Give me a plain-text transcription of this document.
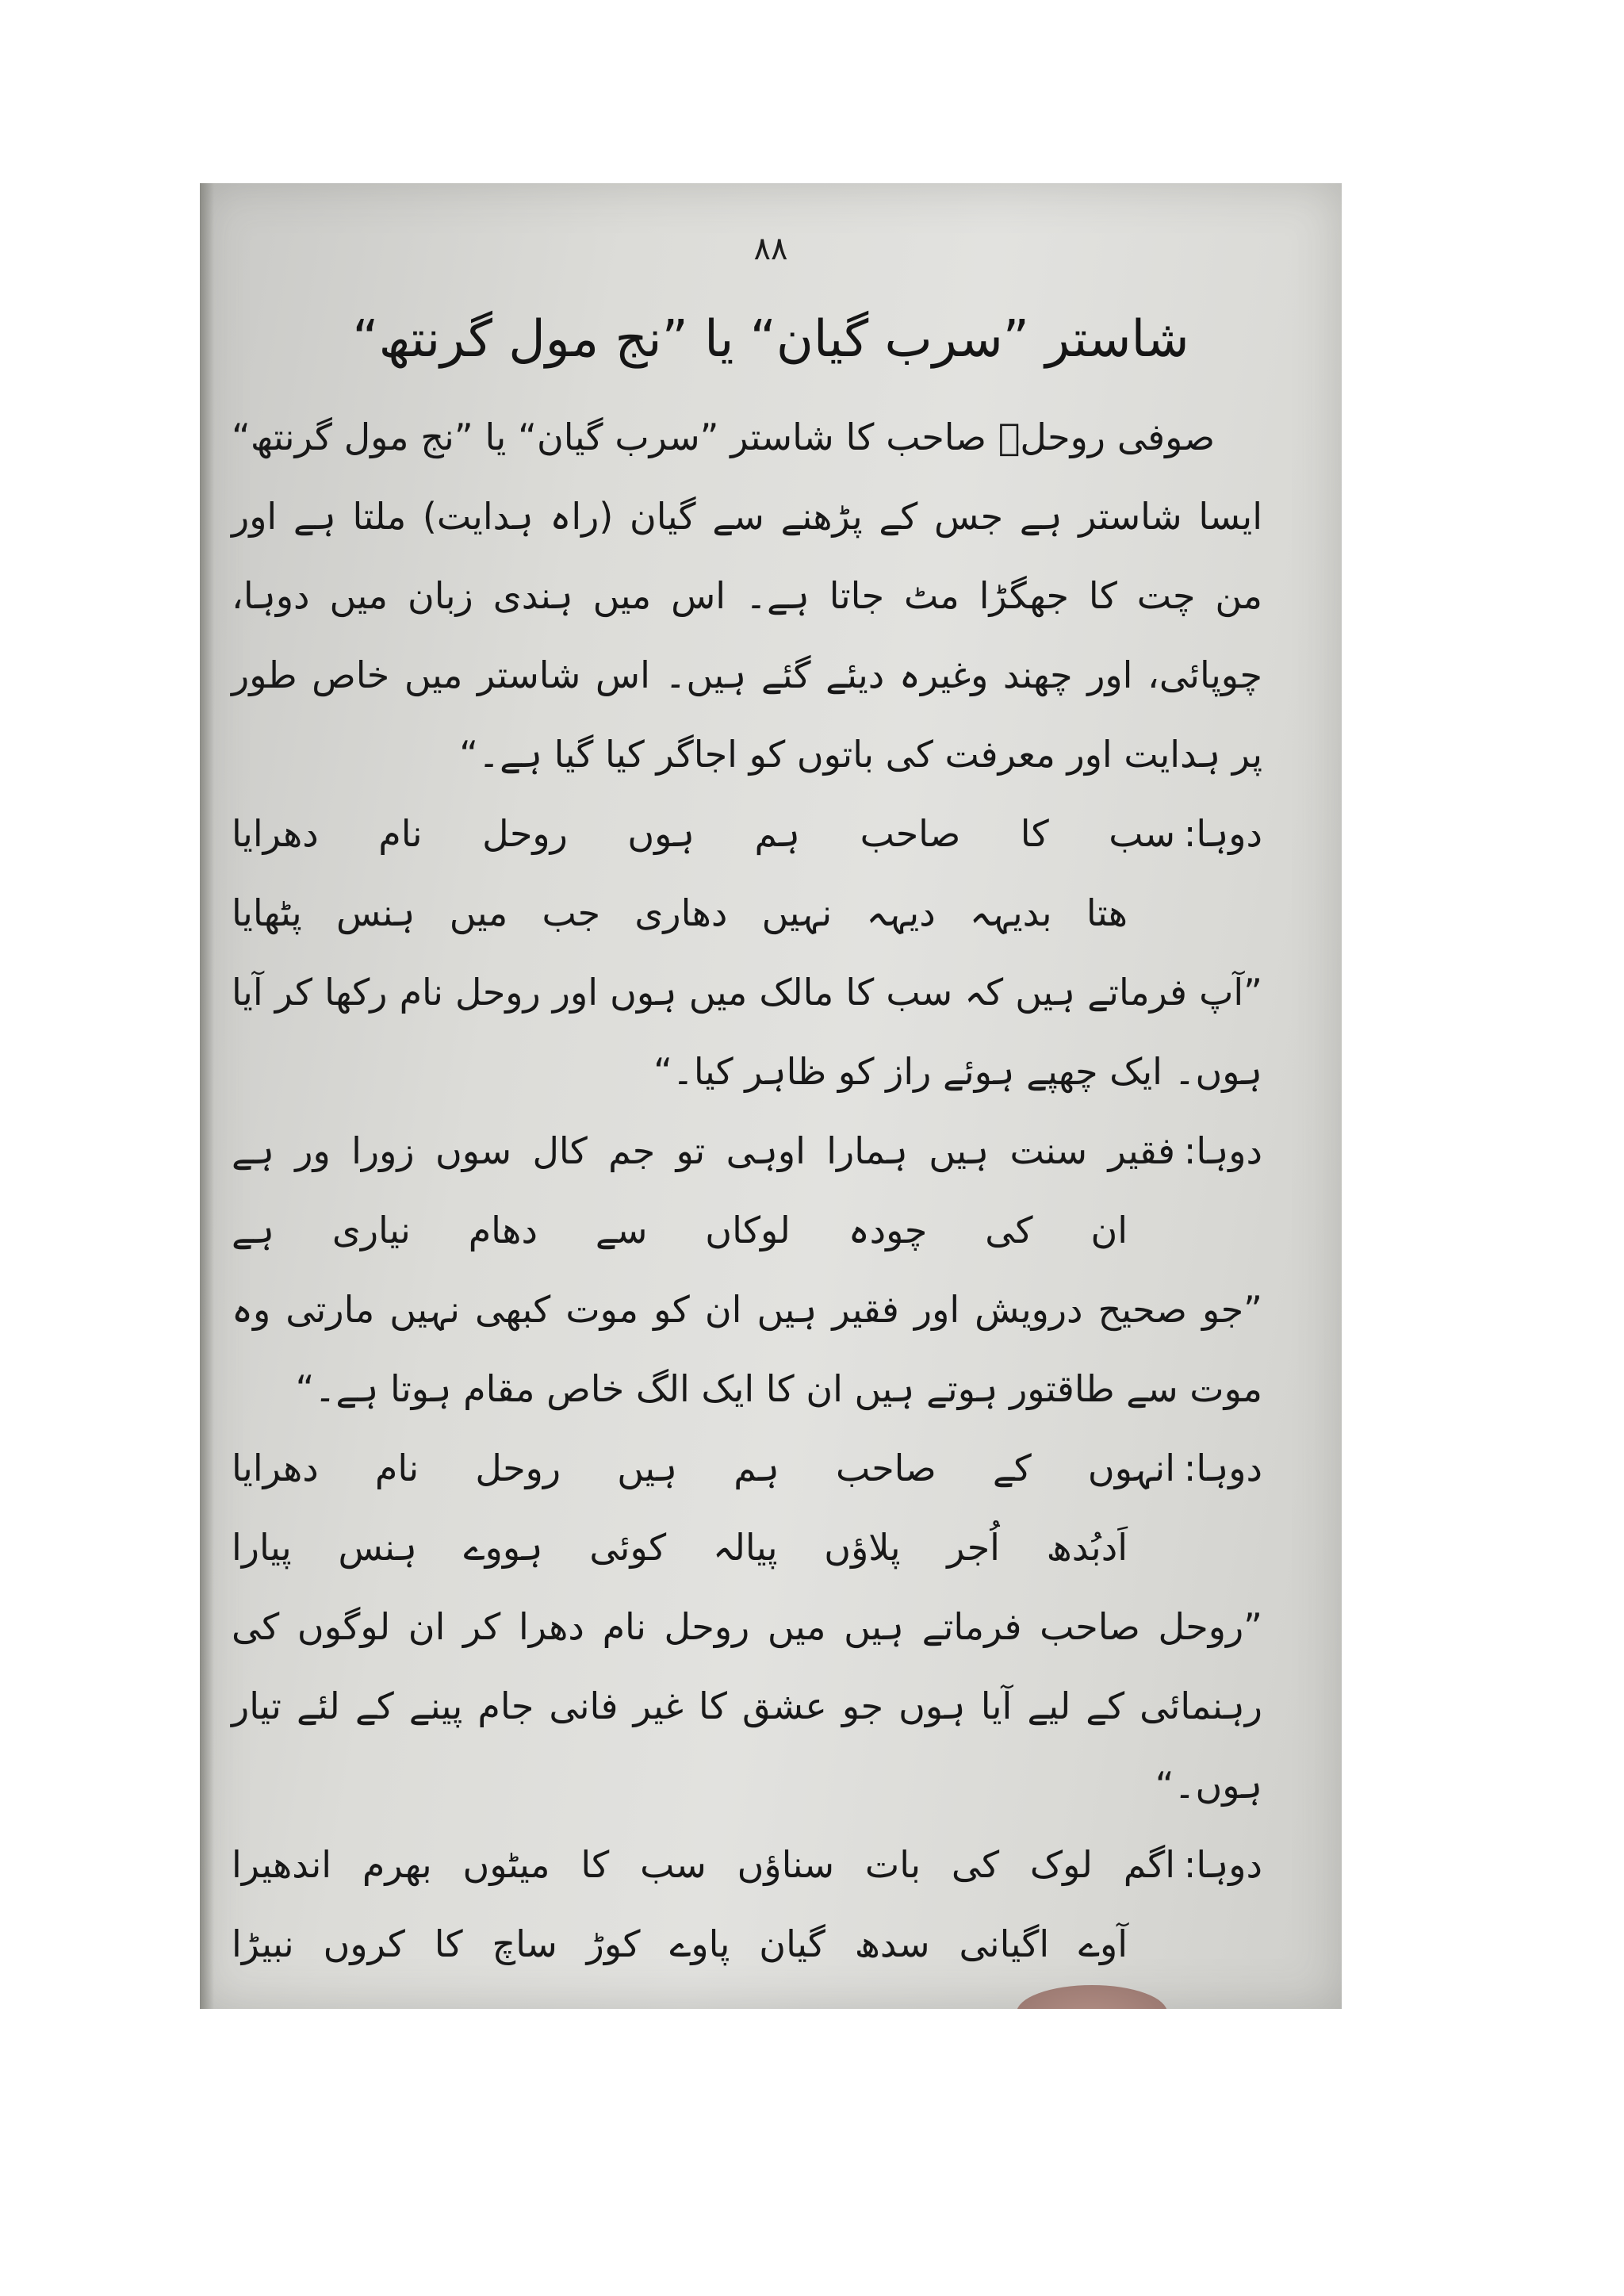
۸۸
شاستر ”سرب گیان“ یا ”نج مول گرنتھ“

صوفی روحلؒ صاحب کا شاستر ”سرب گیان“ یا ”نج مول گرنتھ“ ایسا شاستر ہے جس کے پڑھنے سے گیان (راہ ہدایت) ملتا ہے اور من چت کا جھگڑا مٹ جاتا ہے۔ اس میں ہندی زبان میں دوہا، چوپائی، اور چھند وغیرہ دیئے گئے ہیں۔ اس شاستر میں خاص طور پر ہدایت اور معرفت کی باتوں کو اجاگر کیا گیا ہے۔“

دوہا:
سب کا صاحب ہم ہوں روحل نام دھرایا
ھتا بدیہہ دیہہ نہیں دھاری جب میں ہنس پٹھایا

”آپ فرماتے ہیں کہ سب کا مالک میں ہوں اور روحل نام رکھا کر آیا ہوں۔ ایک چھپے ہوئے راز کو ظاہر کیا۔“

دوہا:
فقیر سنت ہیں ہمارا اوہی تو جم کال سوں زورا ور ہے
ان کی چودہ لوکاں سے دھام نیاری ہے

”جو صحیح درویش اور فقیر ہیں ان کو موت کبھی نہیں مارتی وہ موت سے طاقتور ہوتے ہیں ان کا ایک الگ خاص مقام ہوتا ہے۔“

دوہا:
انہوں کے صاحب ہم ہیں روحل نام دھرایا
اَدبُدھ اُجر پلاؤں پیالہ کوئی ہووے ہنس پیارا

”روحل صاحب فرماتے ہیں میں روحل نام دھرا کر ان لوگوں کی رہنمائی کے لیے آیا ہوں جو عشق کا غیر فانی جام پینے کے لئے تیار ہوں۔“

دوہا:
اگم لوک کی بات سناؤں سب کا میٹوں بھرم اندھیرا
آوے اگیانی سدھ گیان پاوے کوڑ ساچ کا کروں نبیڑا
